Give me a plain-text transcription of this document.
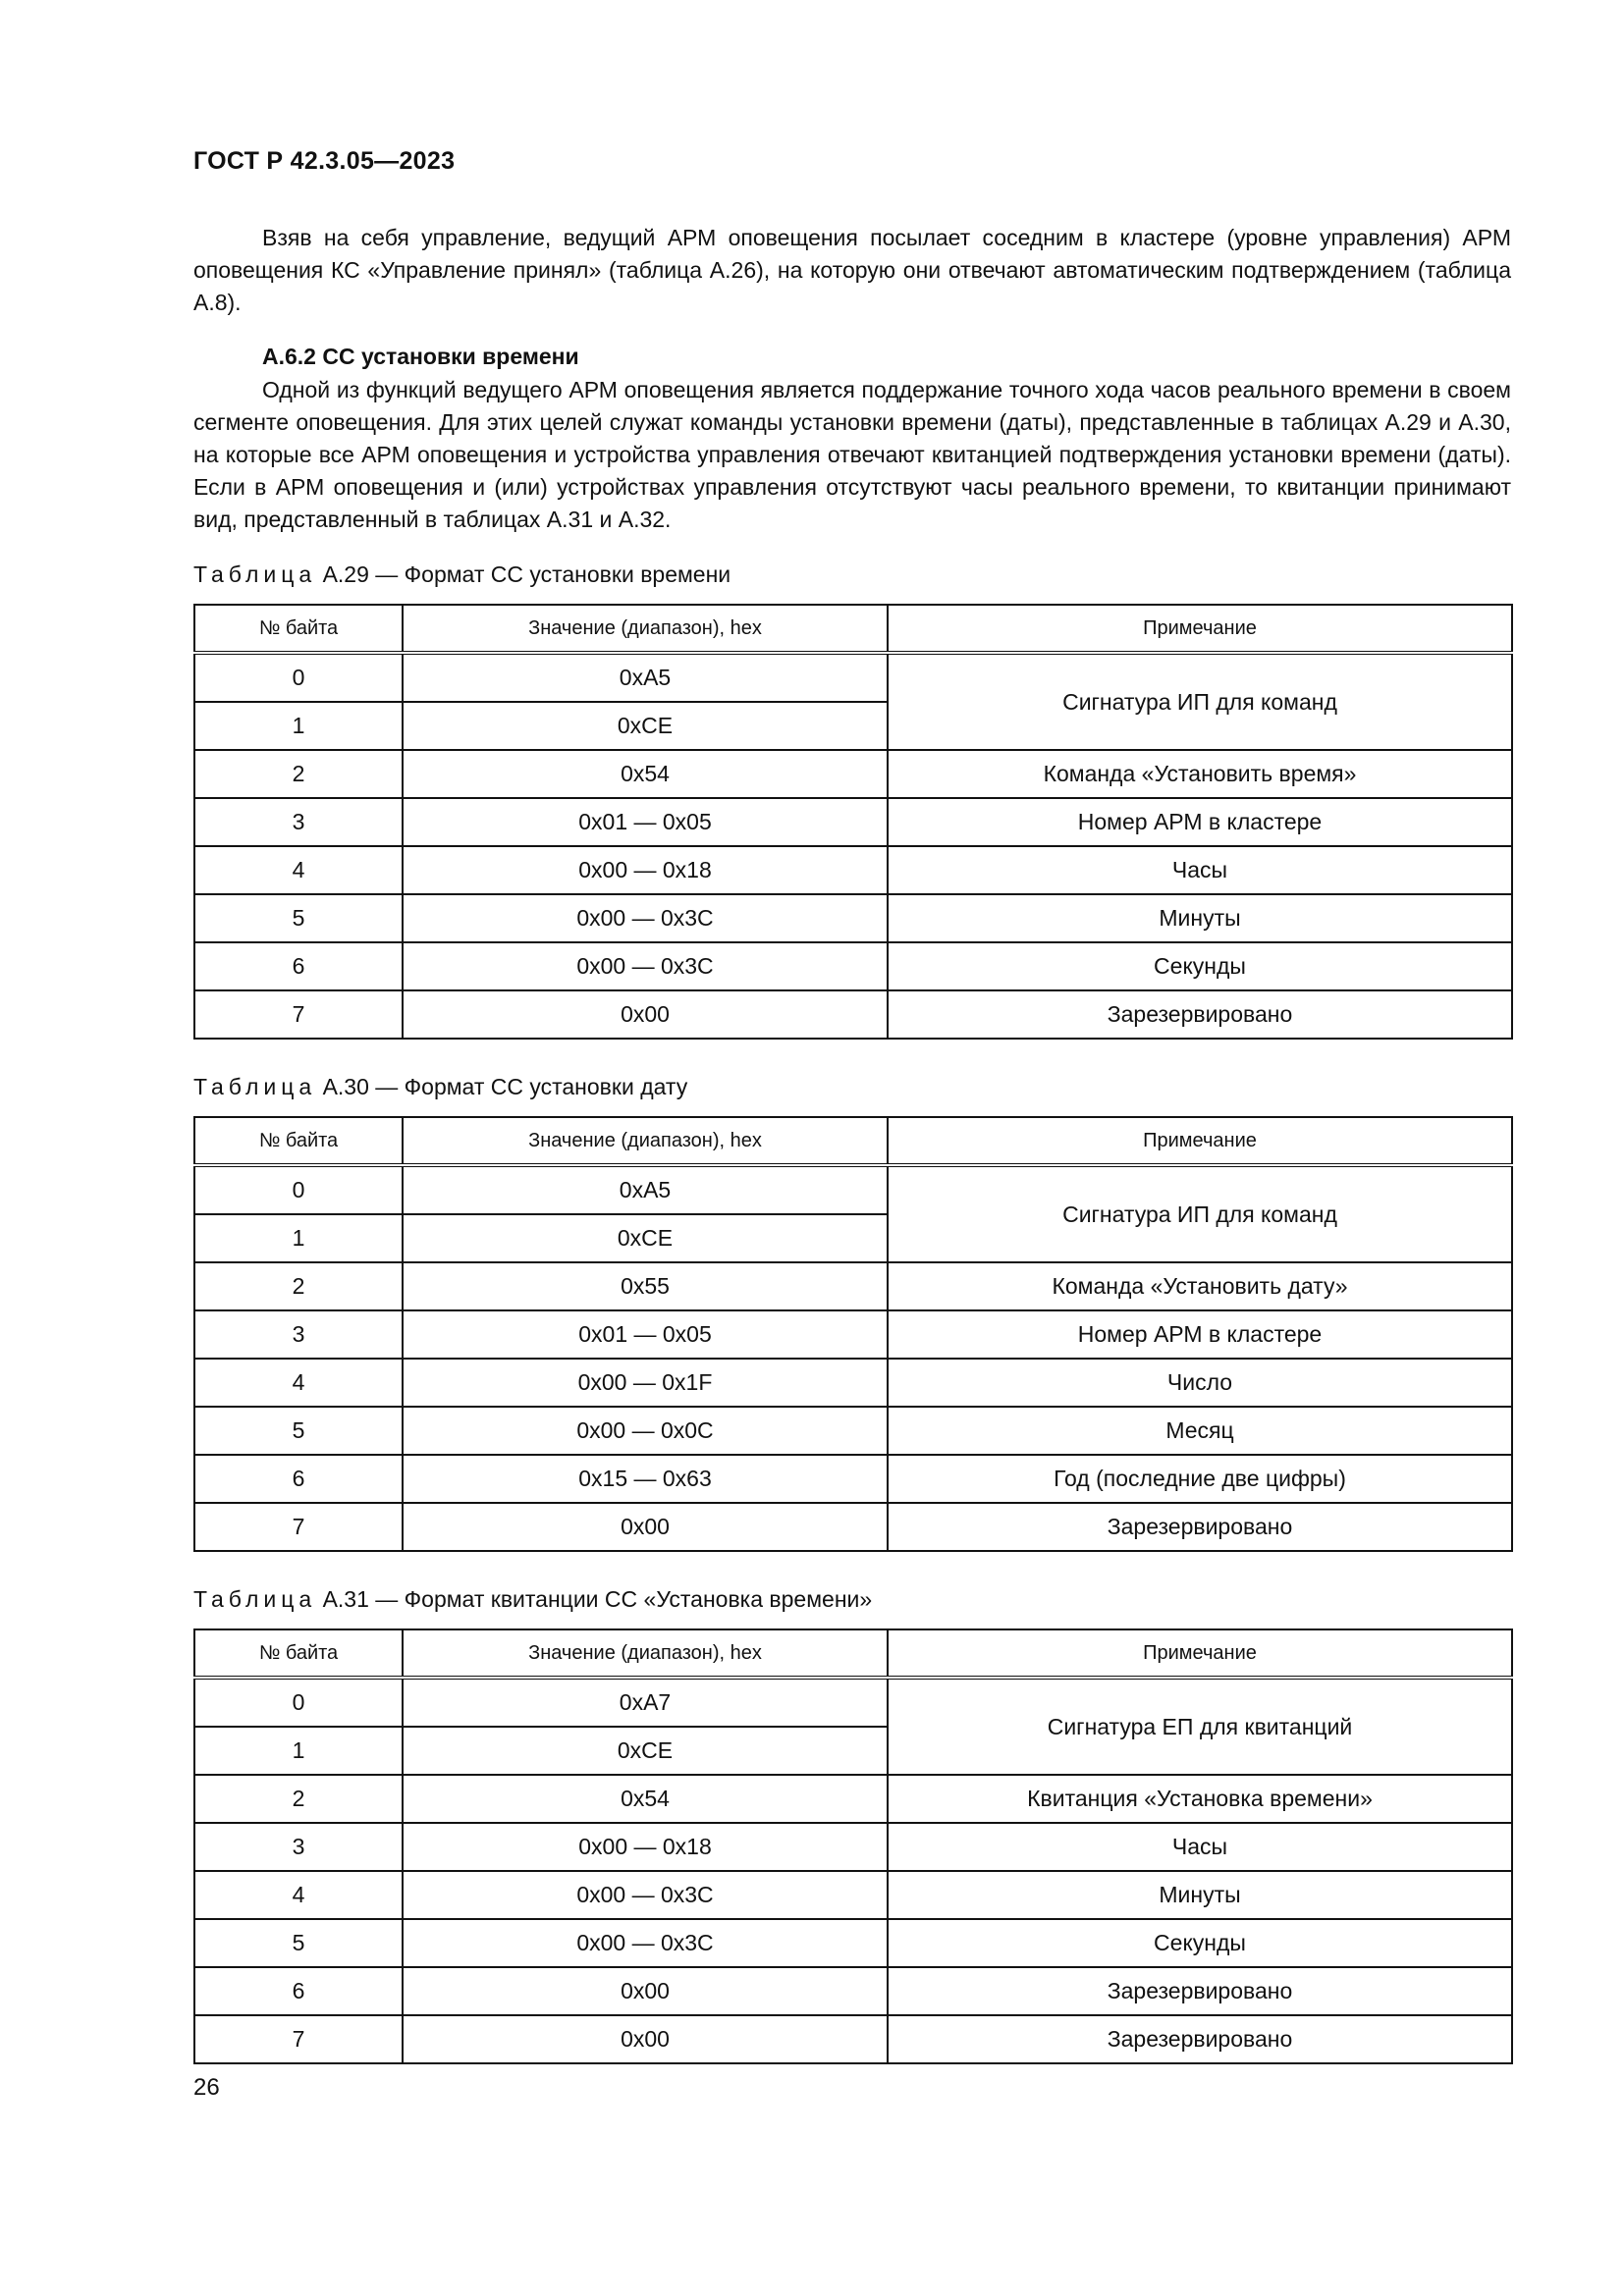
ГОСТ Р 42.3.05—2023

Взяв на себя управление, ведущий АРМ оповещения посылает соседним в кластере (уровне управления) АРМ оповещения КС «Управление принял» (таблица А.26), на которую они отвечают автоматическим подтверждением (таблица А.8).

А.6.2 СС установки времени

Одной из функций ведущего АРМ оповещения является поддержание точного хода часов реального времени в своем сегменте оповещения. Для этих целей служат команды установки времени (даты), представленные в таблицах А.29 и А.30, на которые все АРМ оповещения и устройства управления отвечают квитанцией подтверждения установки времени (даты). Если в АРМ оповещения и (или) устройствах управления отсутствуют часы реального времени, то квитанции принимают вид, представленный в таблицах А.31 и А.32.

Таблица А.29 — Формат СС установки времени
№ байта	Значение (диапазон), hex	Примечание
0	0xA5	Сигнатура ИП для команд
1	0xCE	
2	0x54	Команда «Установить время»
3	0x01 — 0x05	Номер АРМ в кластере
4	0x00 — 0x18	Часы
5	0x00 — 0x3C	Минуты
6	0x00 — 0x3C	Секунды
7	0x00	Зарезервировано
Таблица А.30 — Формат СС установки дату
№ байта	Значение (диапазон), hex	Примечание
0	0xA5	Сигнатура ИП для команд
1	0xCE	
2	0x55	Команда «Установить дату»
3	0x01 — 0x05	Номер АРМ в кластере
4	0x00 — 0x1F	Число
5	0x00 — 0x0C	Месяц
6	0x15 — 0x63	Год (последние две цифры)
7	0x00	Зарезервировано
Таблица А.31 — Формат квитанции СС «Установка времени»
№ байта	Значение (диапазон), hex	Примечание
0	0xA7	Сигнатура ЕП для квитанций
1	0xCE	
2	0x54	Квитанция «Установка времени»
3	0x00 — 0x18	Часы
4	0x00 — 0x3C	Минуты
5	0x00 — 0x3C	Секунды
6	0x00	Зарезервировано
7	0x00	Зарезервировано
26
